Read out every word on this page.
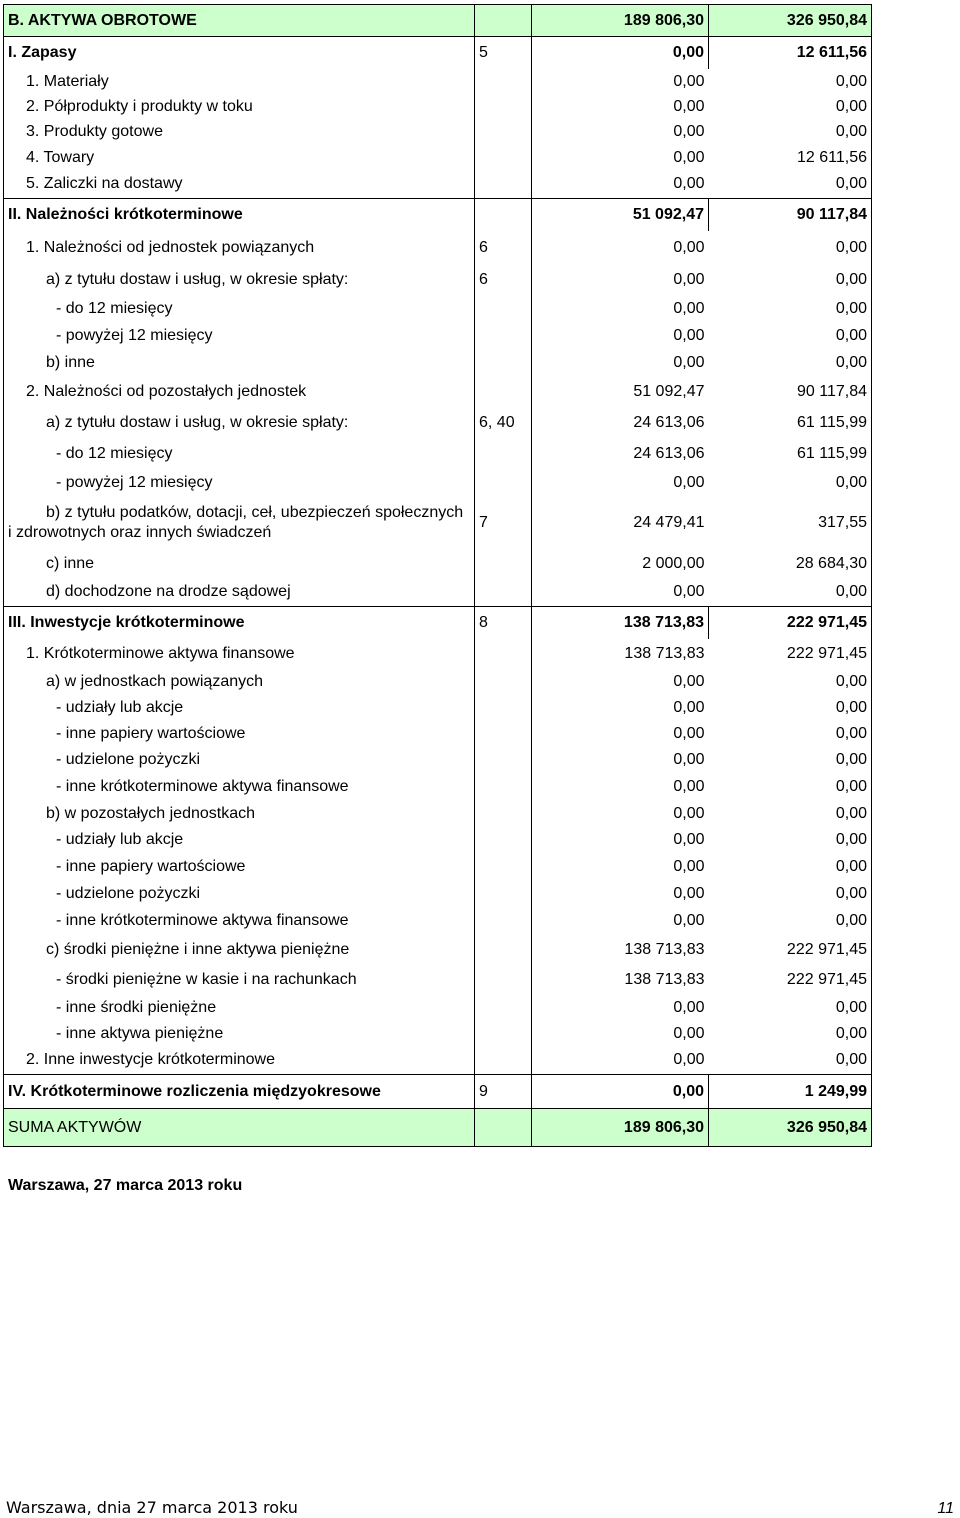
B. AKTYWA OBROTOWE		189 806,30	326 950,84
I. Zapasy	5	0,00	12 611,56
1. Materiały		0,00	0,00
2. Półprodukty i produkty w toku		0,00	0,00
3. Produkty gotowe		0,00	0,00
4. Towary		0,00	12 611,56
5. Zaliczki na dostawy		0,00	0,00
II. Należności krótkoterminowe		51 092,47	90 117,84
1. Należności od jednostek powiązanych	6	0,00	0,00
a) z tytułu dostaw i usług, w okresie spłaty:	6	0,00	0,00
- do 12 miesięcy		0,00	0,00
- powyżej 12 miesięcy		0,00	0,00
b) inne		0,00	0,00
2. Należności od pozostałych jednostek		51 092,47	90 117,84
a) z tytułu dostaw i usług, w okresie spłaty:	6, 40	24 613,06	61 115,99
- do 12 miesięcy		24 613,06	61 115,99
- powyżej 12 miesięcy		0,00	0,00
b) z tytułu podatków, dotacji, ceł, ubezpieczeń społecznych i zdrowotnych oraz innych świadczeń	7	24 479,41	317,55
c) inne		2 000,00	28 684,30
d) dochodzone na drodze sądowej		0,00	0,00
III. Inwestycje krótkoterminowe	8	138 713,83	222 971,45
1. Krótkoterminowe aktywa finansowe		138 713,83	222 971,45
a) w jednostkach powiązanych		0,00	0,00
- udziały lub akcje		0,00	0,00
- inne papiery wartościowe		0,00	0,00
- udzielone pożyczki		0,00	0,00
- inne krótkoterminowe aktywa finansowe		0,00	0,00
b) w pozostałych jednostkach		0,00	0,00
- udziały lub akcje		0,00	0,00
- inne papiery wartościowe		0,00	0,00
- udzielone pożyczki		0,00	0,00
- inne krótkoterminowe aktywa finansowe		0,00	0,00
c) środki pieniężne i inne aktywa pieniężne		138 713,83	222 971,45
- środki pieniężne w kasie i na rachunkach		138 713,83	222 971,45
- inne środki pieniężne		0,00	0,00
- inne aktywa pieniężne		0,00	0,00
2. Inne inwestycje krótkoterminowe		0,00	0,00
IV. Krótkoterminowe rozliczenia międzyokresowe	9	0,00	1 249,99
SUMA AKTYWÓW		189 806,30	326 950,84
Warszawa, 27 marca 2013 roku
Warszawa, dnia 27 marca 2013 roku	11
